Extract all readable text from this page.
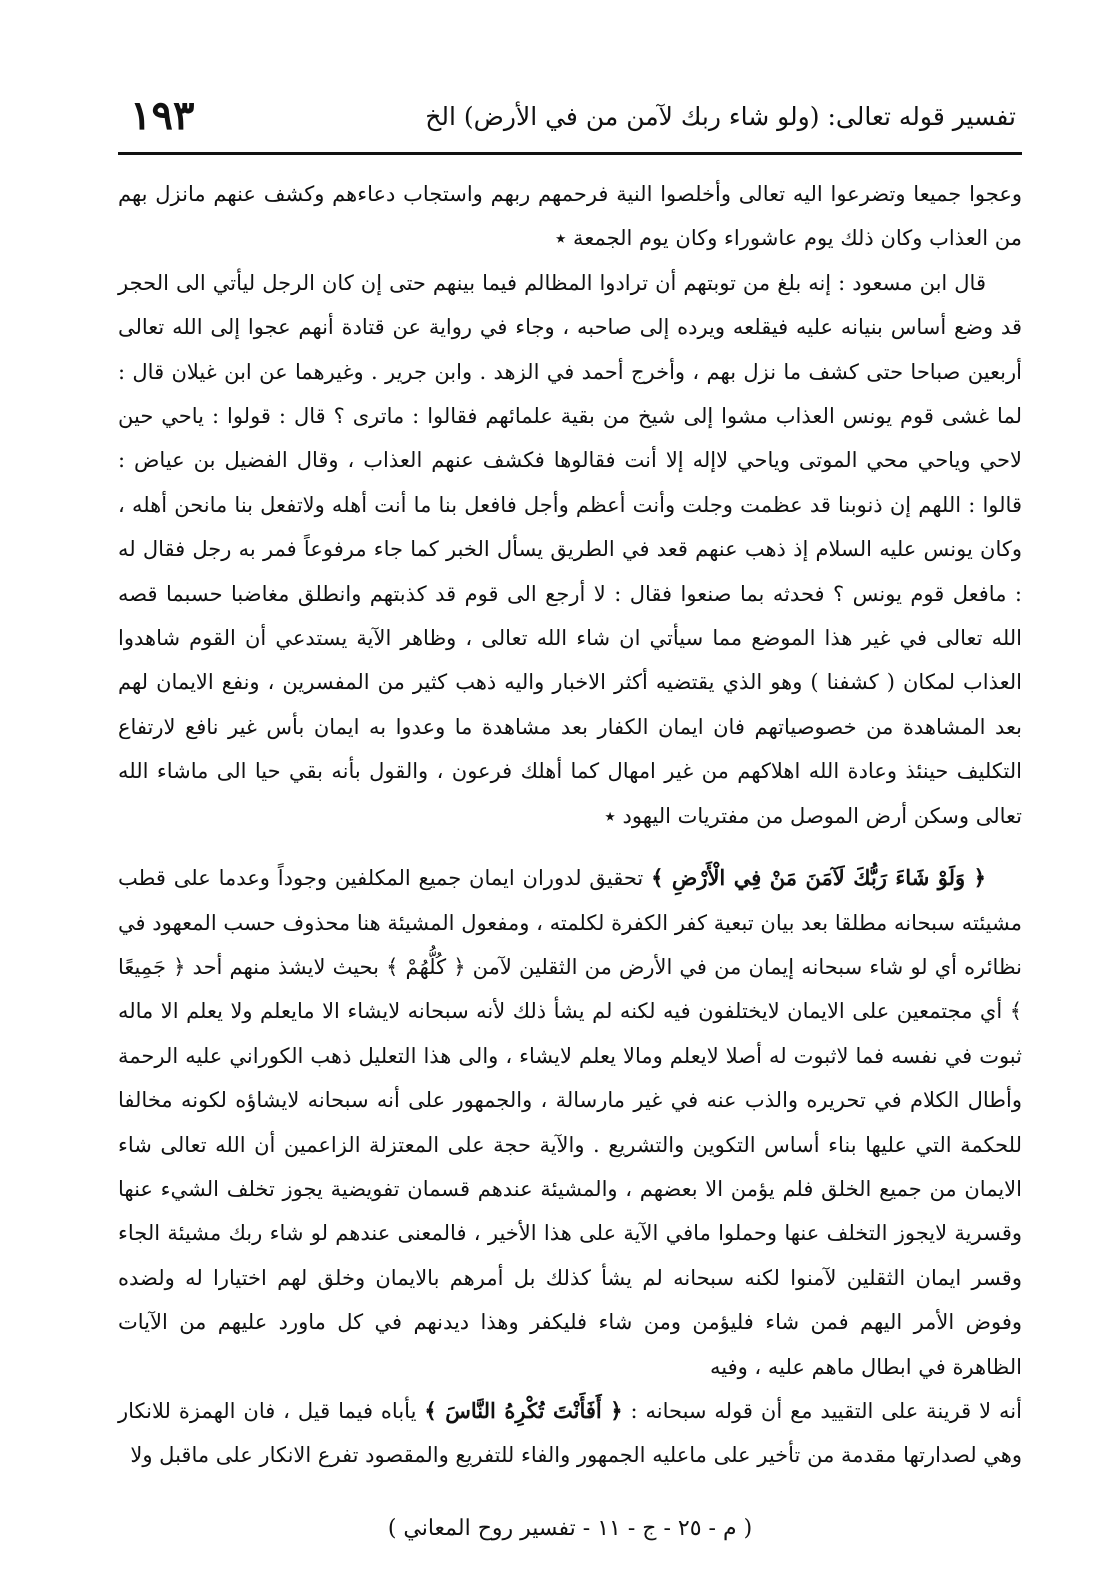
١٩٣	تفسير قوله تعالى: (ولو شاء ربك لآمن من في الأرض) الخ

وعجوا جميعا وتضرعوا اليه تعالى وأخلصوا النية فرحمهم ربهم واستجاب دعاءهم وكشف عنهم مانزل بهم من العذاب وكان ذلك يوم عاشوراء وكان يوم الجمعة ٭

قال ابن مسعود : إنه بلغ من توبتهم أن ترادوا المظالم فيما بينهم حتى إن كان الرجل ليأتي الى الحجر قد وضع أساس بنيانه عليه فيقلعه ويرده إلى صاحبه ، وجاء في رواية عن قتادة أنهم عجوا إلى الله تعالى أربعين صباحا حتى كشف ما نزل بهم ، وأخرج أحمد في الزهد . وابن جرير . وغيرهما عن ابن غيلان قال : لما غشى قوم يونس العذاب مشوا إلى شيخ من بقية علمائهم فقالوا : ماترى ؟ قال : قولوا : ياحي حين لاحي وياحي محي الموتى وياحي لاإله إلا أنت فقالوها فكشف عنهم العذاب ، وقال الفضيل بن عياض : قالوا : اللهم إن ذنوبنا قد عظمت وجلت وأنت أعظم وأجل فافعل بنا ما أنت أهله ولاتفعل بنا مانحن أهله ، وكان يونس عليه السلام إذ ذهب عنهم قعد في الطريق يسأل الخبر كما جاء مرفوعاً فمر به رجل فقال له : مافعل قوم يونس ؟ فحدثه بما صنعوا فقال : لا أرجع الى قوم قد كذبتهم وانطلق مغاضبا حسبما قصه الله تعالى في غير هذا الموضع مما سيأتي ان شاء الله تعالى ، وظاهر الآية يستدعي أن القوم شاهدوا العذاب لمكان ( كشفنا ) وهو الذي يقتضيه أكثر الاخبار واليه ذهب كثير من المفسرين ، ونفع الايمان لهم بعد المشاهدة من خصوصياتهم فان ايمان الكفار بعد مشاهدة ما وعدوا به ايمان بأس غير نافع لارتفاع التكليف حينئذ وعادة الله اهلاكهم من غير امهال كما أهلك فرعون ، والقول بأنه بقي حيا الى ماشاء الله تعالى وسكن أرض الموصل من مفتريات اليهود ٭

﴿ وَلَوْ شَاءَ رَبُّكَ لَآمَنَ مَنْ فِي الْأَرْضِ ﴾ تحقيق لدوران ايمان جميع المكلفين وجوداً وعدما على قطب مشيئته سبحانه مطلقا بعد بيان تبعية كفر الكفرة لكلمته ، ومفعول المشيئة هنا محذوف حسب المعهود في نظائره أي لو شاء سبحانه إيمان من في الأرض من الثقلين لآمن ﴿ كُلُّهُمْ ﴾ بحيث لايشذ منهم أحد ﴿ جَمِيعًا ﴾ أي مجتمعين على الايمان لايختلفون فيه لكنه لم يشأ ذلك لأنه سبحانه لايشاء الا مايعلم ولا يعلم الا ماله ثبوت في نفسه فما لاثبوت له أصلا لايعلم ومالا يعلم لايشاء ، والى هذا التعليل ذهب الكوراني عليه الرحمة وأطال الكلام في تحريره والذب عنه في غير مارسالة ، والجمهور على أنه سبحانه لايشاؤه لكونه مخالفا للحكمة التي عليها بناء أساس التكوين والتشريع . والآية حجة على المعتزلة الزاعمين أن الله تعالى شاء الايمان من جميع الخلق فلم يؤمن الا بعضهم ، والمشيئة عندهم قسمان تفويضية يجوز تخلف الشيء عنها وقسرية لايجوز التخلف عنها وحملوا مافي الآية على هذا الأخير ، فالمعنى عندهم لو شاء ربك مشيئة الجاء وقسر ايمان الثقلين لآمنوا لكنه سبحانه لم يشأ كذلك بل أمرهم بالايمان وخلق لهم اختيارا له ولضده وفوض الأمر اليهم فمن شاء فليؤمن ومن شاء فليكفر وهذا ديدنهم في كل ماورد عليهم من الآيات الظاهرة في ابطال ماهم عليه ، وفيه

أنه لا قرينة على التقييد مع أن قوله سبحانه : ﴿ أَفَأَنْتَ تُكْرِهُ النَّاسَ ﴾ يأباه فيما قيل ، فان الهمزة للانكار وهي لصدارتها مقدمة من تأخير على ماعليه الجمهور والفاء للتفريع والمقصود تفرع الانكار على ماقبل ولا

( م - ٢٥ - ج - ١١ - تفسير روح المعاني )
